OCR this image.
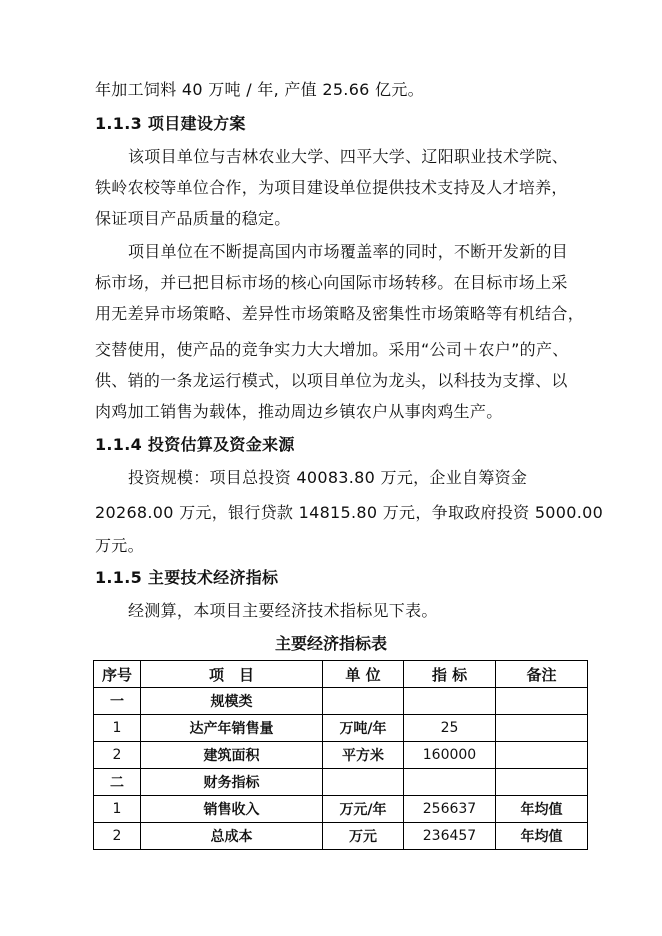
年加工饲料 40 万吨 / 年, 产值 25.66 亿元。
1.1.3 项目建设方案
该项目单位与吉林农业大学、四平大学、辽阳职业技术学院、
铁岭农校等单位合作，为项目建设单位提供技术支持及人才培养，
保证项目产品质量的稳定。
项目单位在不断提高国内市场覆盖率的同时，不断开发新的目
标市场，并已把目标市场的核心向国际市场转移。在目标市场上采
用无差异市场策略、差异性市场策略及密集性市场策略等有机结合，
交替使用，使产品的竞争实力大大增加。采用“公司＋农户”的产、
供、销的一条龙运行模式，以项目单位为龙头，以科技为支撑、以
肉鸡加工销售为载体，推动周边乡镇农户从事肉鸡生产。
1.1.4 投资估算及资金来源
投资规模：项目总投资 40083.80 万元，企业自筹资金
20268.00 万元，银行贷款 14815.80 万元，争取政府投资 5000.00
万元。
1.1.5 主要技术经济指标
经测算，本项目主要经济技术指标见下表。
主要经济指标表
序号	项　目	单 位	指 标	备注
一	规模类			
1	达产年销售量	万吨/年	25	
2	建筑面积	平方米	160000	
二	财务指标			
1	销售收入	万元/年	256637	年均值
2	总成本	万元	236457	年均值
